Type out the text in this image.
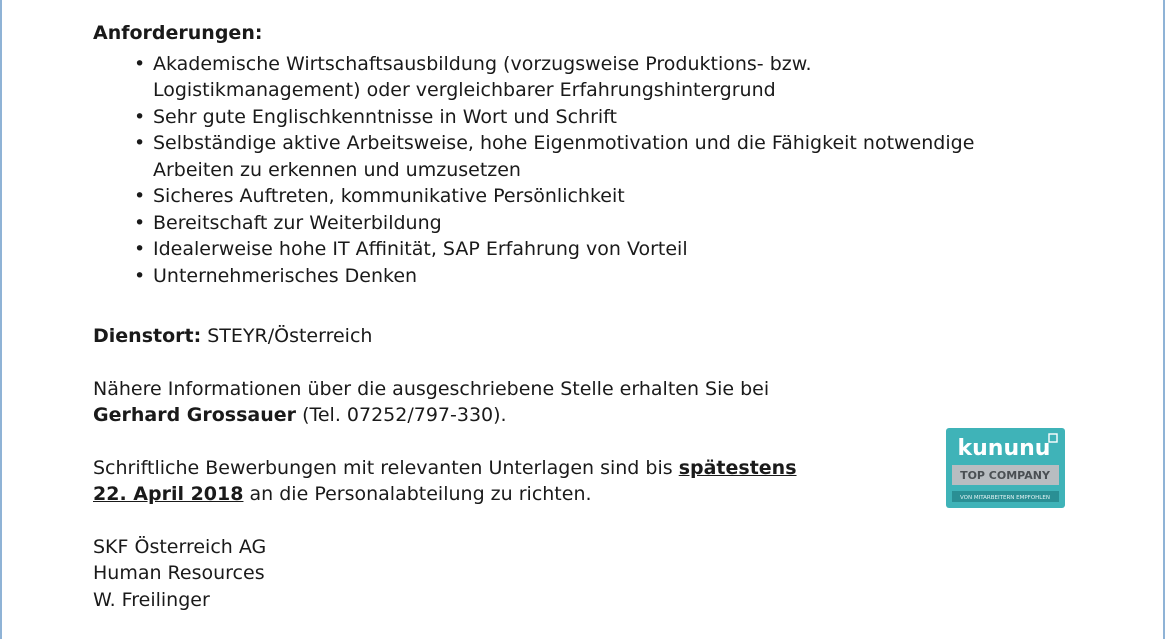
Anforderungen:

• Akademische Wirtschaftsausbildung (vorzugsweise Produktions- bzw.
Logistikmanagement) oder vergleichbarer Erfahrungshintergrund
• Sehr gute Englischkenntnisse in Wort und Schrift
• Selbständige aktive Arbeitsweise, hohe Eigenmotivation und die Fähigkeit notwendige
Arbeiten zu erkennen und umzusetzen
• Sicheres Auftreten, kommunikative Persönlichkeit
• Bereitschaft zur Weiterbildung
• Idealerweise hohe IT Affinität, SAP Erfahrung von Vorteil
• Unternehmerisches Denken

Dienstort: STEYR/Österreich

Nähere Informationen über die ausgeschriebene Stelle erhalten Sie bei
Gerhard Grossauer (Tel. 07252/797-330).

Schriftliche Bewerbungen mit relevanten Unterlagen sind bis spätestens
22. April 2018 an die Personalabteilung zu richten.

SKF Österreich AG
Human Resources
W. Freilinger

kununu
TOP COMPANY
VON MITARBEITERN EMPFOHLEN
